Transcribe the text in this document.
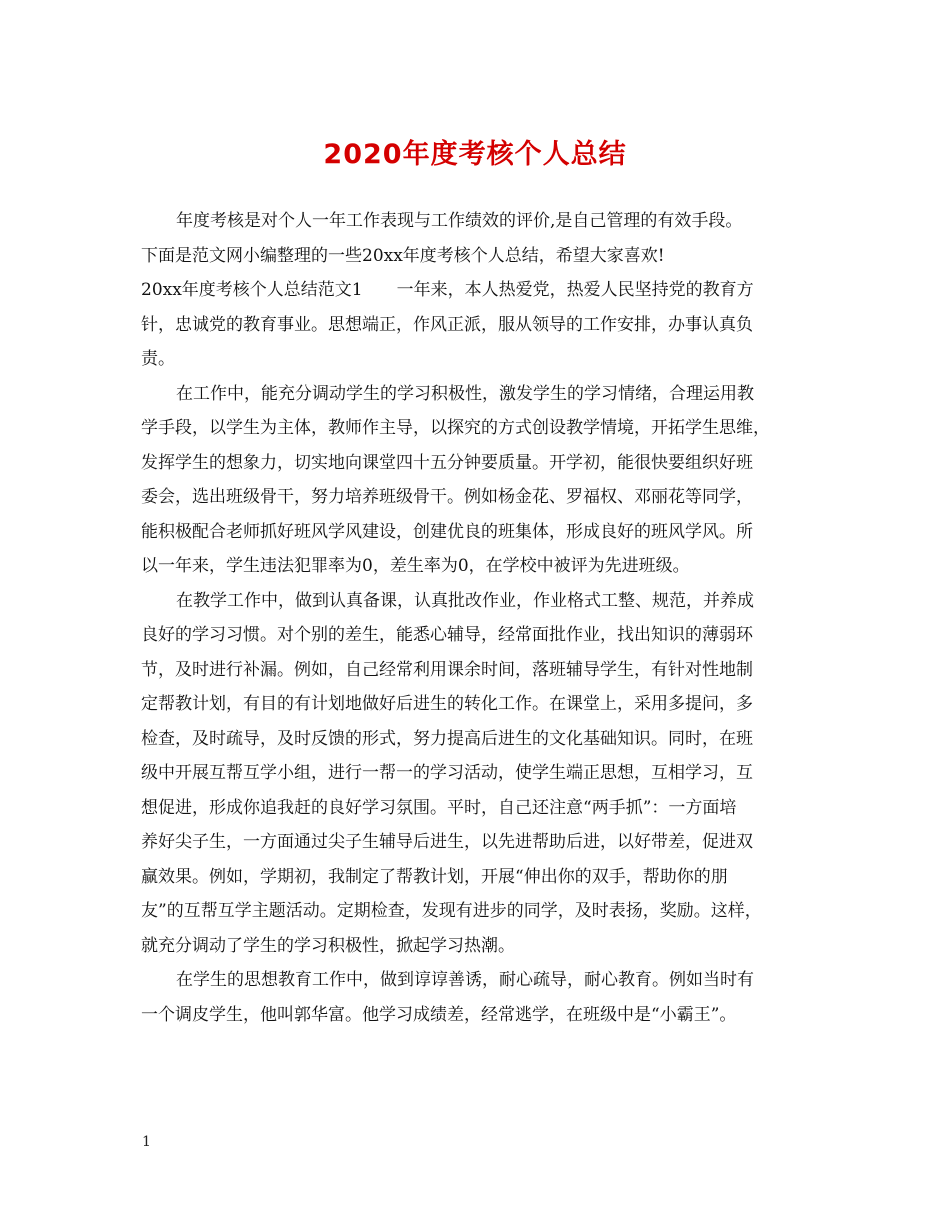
2020年度考核个人总结
年度考核是对个人一年工作表现与工作绩效的评价,是自己管理的有效手段。
下面是范文网小编整理的一些20xx年度考核个人总结，希望大家喜欢!
20xx年度考核个人总结范文1 一年来，本人热爱党，热爱人民坚持党的教育方
针，忠诚党的教育事业。思想端正，作风正派，服从领导的工作安排，办事认真负
责。
在工作中，能充分调动学生的学习积极性，激发学生的学习情绪，合理运用教
学手段，以学生为主体，教师作主导，以探究的方式创设教学情境，开拓学生思维，
发挥学生的想象力，切实地向课堂四十五分钟要质量。开学初，能很快要组织好班
委会，选出班级骨干，努力培养班级骨干。例如杨金花、罗福权、邓丽花等同学，
能积极配合老师抓好班风学风建设，创建优良的班集体，形成良好的班风学风。所
以一年来，学生违法犯罪率为0，差生率为0，在学校中被评为先进班级。
在教学工作中，做到认真备课，认真批改作业，作业格式工整、规范，并养成
良好的学习习惯。对个别的差生，能悉心辅导，经常面批作业，找出知识的薄弱环
节，及时进行补漏。例如，自己经常利用课余时间，落班辅导学生，有针对性地制
定帮教计划，有目的有计划地做好后进生的转化工作。在课堂上，采用多提问，多
检查，及时疏导，及时反馈的形式，努力提高后进生的文化基础知识。同时，在班
级中开展互帮互学小组，进行一帮一的学习活动，使学生端正思想，互相学习，互
想促进，形成你追我赶的良好学习氛围。平时，自己还注意“两手抓”：一方面培
养好尖子生，一方面通过尖子生辅导后进生，以先进帮助后进，以好带差，促进双
赢效果。例如，学期初，我制定了帮教计划，开展“伸出你的双手，帮助你的朋
友”的互帮互学主题活动。定期检查，发现有进步的同学，及时表扬，奖励。这样，
就充分调动了学生的学习积极性，掀起学习热潮。
在学生的思想教育工作中，做到谆谆善诱，耐心疏导，耐心教育。例如当时有
一个调皮学生，他叫郭华富。他学习成绩差，经常逃学，在班级中是“小霸王”。
1
